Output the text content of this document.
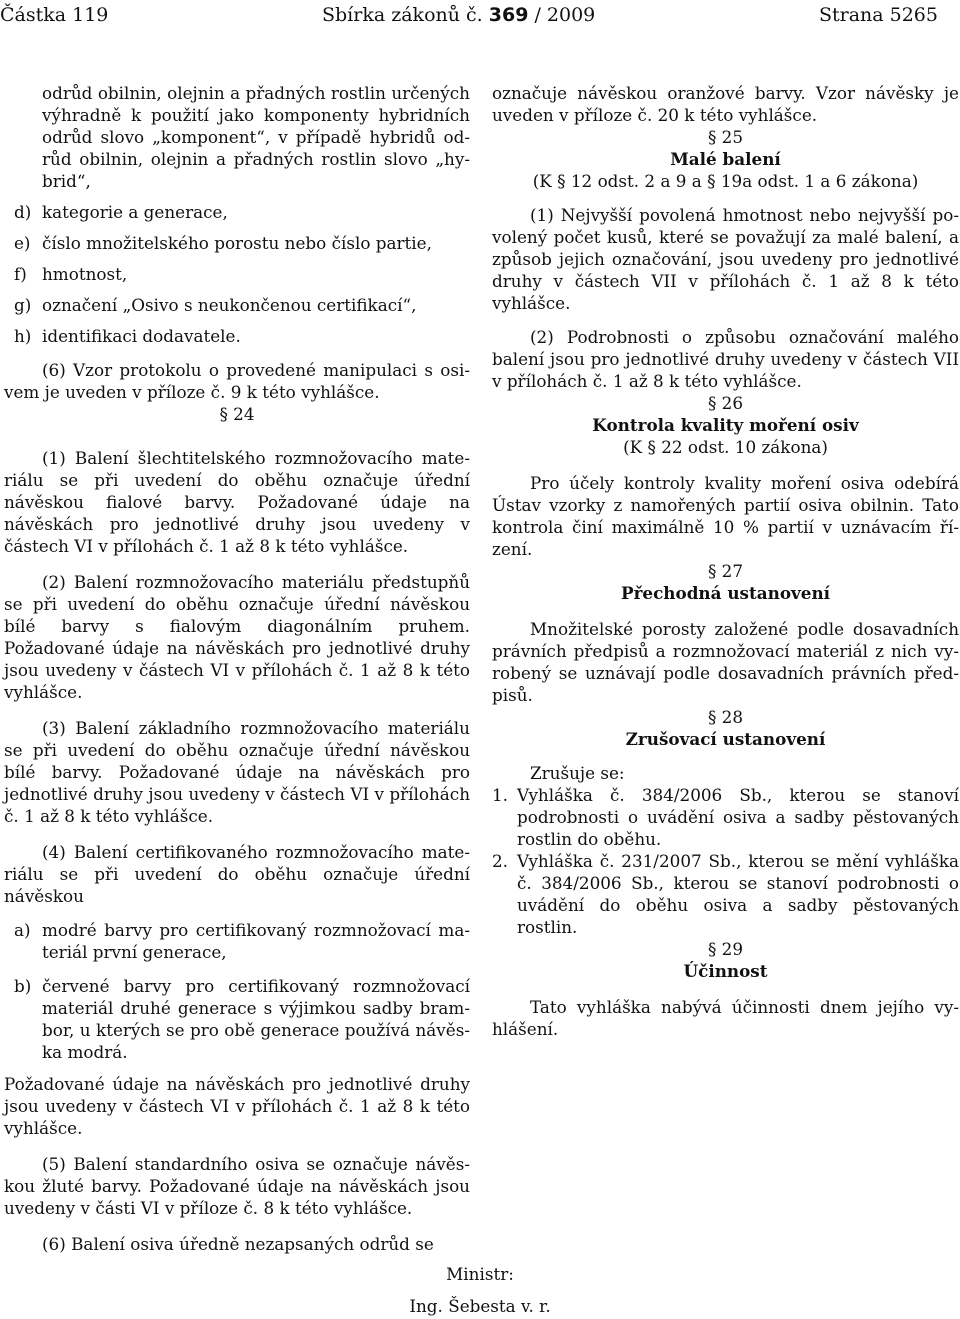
Částka 119	Sbírka zákonů č. 369 / 2009	Strana 5265

odrůd obilnin, olejnin a přadných rostlin určených výhradně k použití jako komponenty hybridních odrůd slovo „komponent“, v případě hybridů odrůd obilnin, olejnin a přadných rostlin slovo „hybrid“,

d) kategorie a generace,

e) číslo množitelského porostu nebo číslo partie,

f) hmotnost,

g) označení „Osivo s neukončenou certifikací“,

h) identifikaci dodavatele.

(6) Vzor protokolu o provedené manipulaci s osivem je uveden v příloze č. 9 k této vyhlášce.

§ 24

(1) Balení šlechtitelského rozmnožovacího materiálu se při uvedení do oběhu označuje úřední návěskou fialové barvy. Požadované údaje na návěskách pro jednotlivé druhy jsou uvedeny v částech VI v přílohách č. 1 až 8 k této vyhlášce.

(2) Balení rozmnožovacího materiálu předstupňů se při uvedení do oběhu označuje úřední návěskou bílé barvy s fialovým diagonálním pruhem. Požadované údaje na návěskách pro jednotlivé druhy jsou uvedeny v částech VI v přílohách č. 1 až 8 k této vyhlášce.

(3) Balení základního rozmnožovacího materiálu se při uvedení do oběhu označuje úřední návěskou bílé barvy. Požadované údaje na návěskách pro jednotlivé druhy jsou uvedeny v částech VI v přílohách č. 1 až 8 k této vyhlášce.

(4) Balení certifikovaného rozmnožovacího materiálu se při uvedení do oběhu označuje úřední návěskou

a) modré barvy pro certifikovaný rozmnožovací materiál první generace,

b) červené barvy pro certifikovaný rozmnožovací materiál druhé generace s výjimkou sadby brambor, u kterých se pro obě generace používá návěska modrá.

Požadované údaje na návěskách pro jednotlivé druhy jsou uvedeny v částech VI v přílohách č. 1 až 8 k této vyhlášce.

(5) Balení standardního osiva se označuje návěskou žluté barvy. Požadované údaje na návěskách jsou uvedeny v části VI v příloze č. 8 k této vyhlášce.

(6) Balení osiva úředně nezapsaných odrůd se

označuje návěskou oranžové barvy. Vzor návěsky je uveden v příloze č. 20 k této vyhlášce.

§ 25

Malé balení

(K § 12 odst. 2 a 9 a § 19a odst. 1 a 6 zákona)

(1) Nejvyšší povolená hmotnost nebo nejvyšší povolený počet kusů, které se považují za malé balení, a způsob jejich označování, jsou uvedeny pro jednotlivé druhy v částech VII v přílohách č. 1 až 8 k této vyhlášce.

(2) Podrobnosti o způsobu označování malého balení jsou pro jednotlivé druhy uvedeny v částech VII v přílohách č. 1 až 8 k této vyhlášce.

§ 26

Kontrola kvality moření osiv

(K § 22 odst. 10 zákona)

Pro účely kontroly kvality moření osiva odebírá Ústav vzorky z namořených partií osiva obilnin. Tato kontrola činí maximálně 10 % partií v uznávacím řízení.

§ 27

Přechodná ustanovení

Množitelské porosty založené podle dosavadních právních předpisů a rozmnožovací materiál z nich vyrobený se uznávají podle dosavadních právních předpisů.

§ 28

Zrušovací ustanovení

Zrušuje se:

1. Vyhláška č. 384/2006 Sb., kterou se stanoví podrobnosti o uvádění osiva a sadby pěstovaných rostlin do oběhu.

2. Vyhláška č. 231/2007 Sb., kterou se mění vyhláška č. 384/2006 Sb., kterou se stanoví podrobnosti o uvádění do oběhu osiva a sadby pěstovaných rostlin.

§ 29

Účinnost

Tato vyhláška nabývá účinnosti dnem jejího vyhlášení.

Ministr:
Ing. Šebesta v. r.
